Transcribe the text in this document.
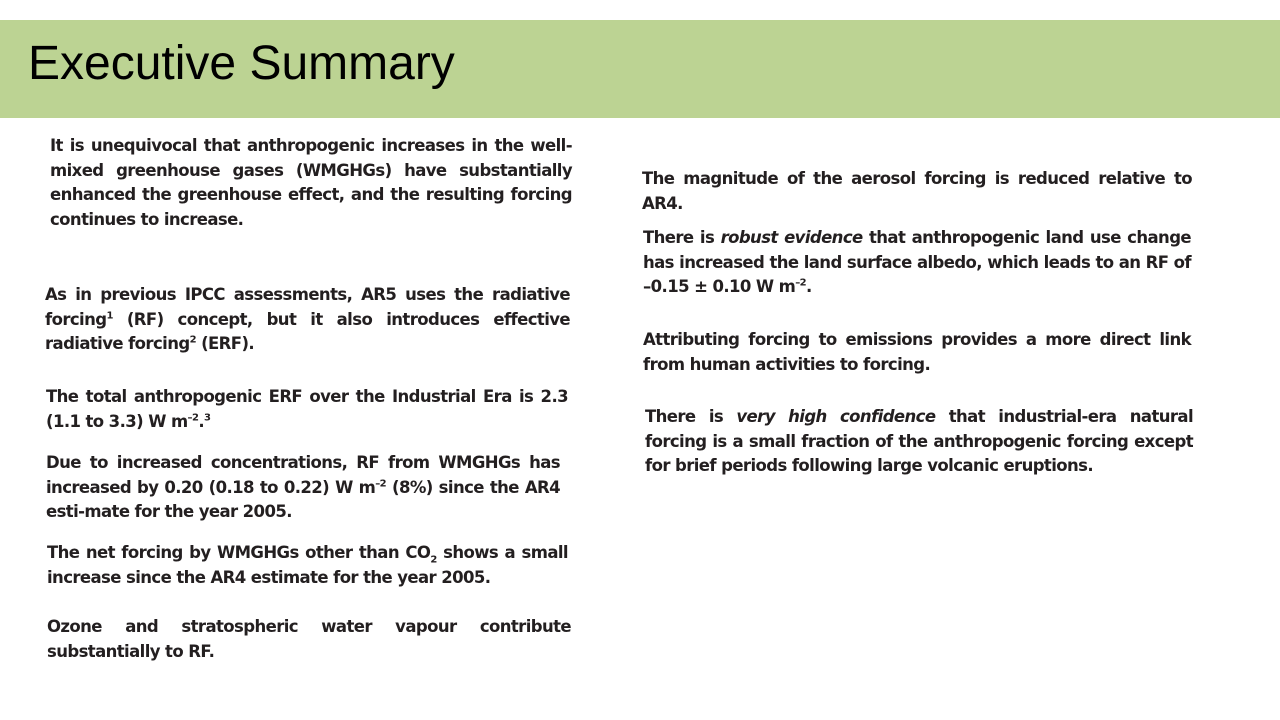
Executive Summary

It is unequivocal that anthropogenic increases in the well-mixed greenhouse gases (WMGHGs) have substantially enhanced the greenhouse effect, and the resulting forcing continues to increase.

As in previous IPCC assessments, AR5 uses the radiative forcing$^1$ (RF) concept, but it also introduces effective radiative forcing$^2$ (ERF).

The total anthropogenic ERF over the Industrial Era is 2.3 (1.1 to 3.3) W $m^{-2}.^3$

Due to increased concentrations, RF from WMGHGs has increased by 0.20 (0.18 to 0.22) W $m^{-2}$ (8%) since the AR4 esti-mate for the year 2005.

The net forcing by WMGHGs other than $CO_2$ shows a small increase since the AR4 estimate for the year 2005.

Ozone and stratospheric water vapour contribute substantially to RF.

The magnitude of the aerosol forcing is reduced relative to AR4.

There is robust evidence that anthropogenic land use change has increased the land surface albedo, which leads to an RF of –0.15 ± 0.10 W $m^{-2}$.

Attributing forcing to emissions provides a more direct link from human activities to forcing.

There is very high confidence that industrial-era natural forcing is a small fraction of the anthropogenic forcing except for brief periods following large volcanic eruptions.
